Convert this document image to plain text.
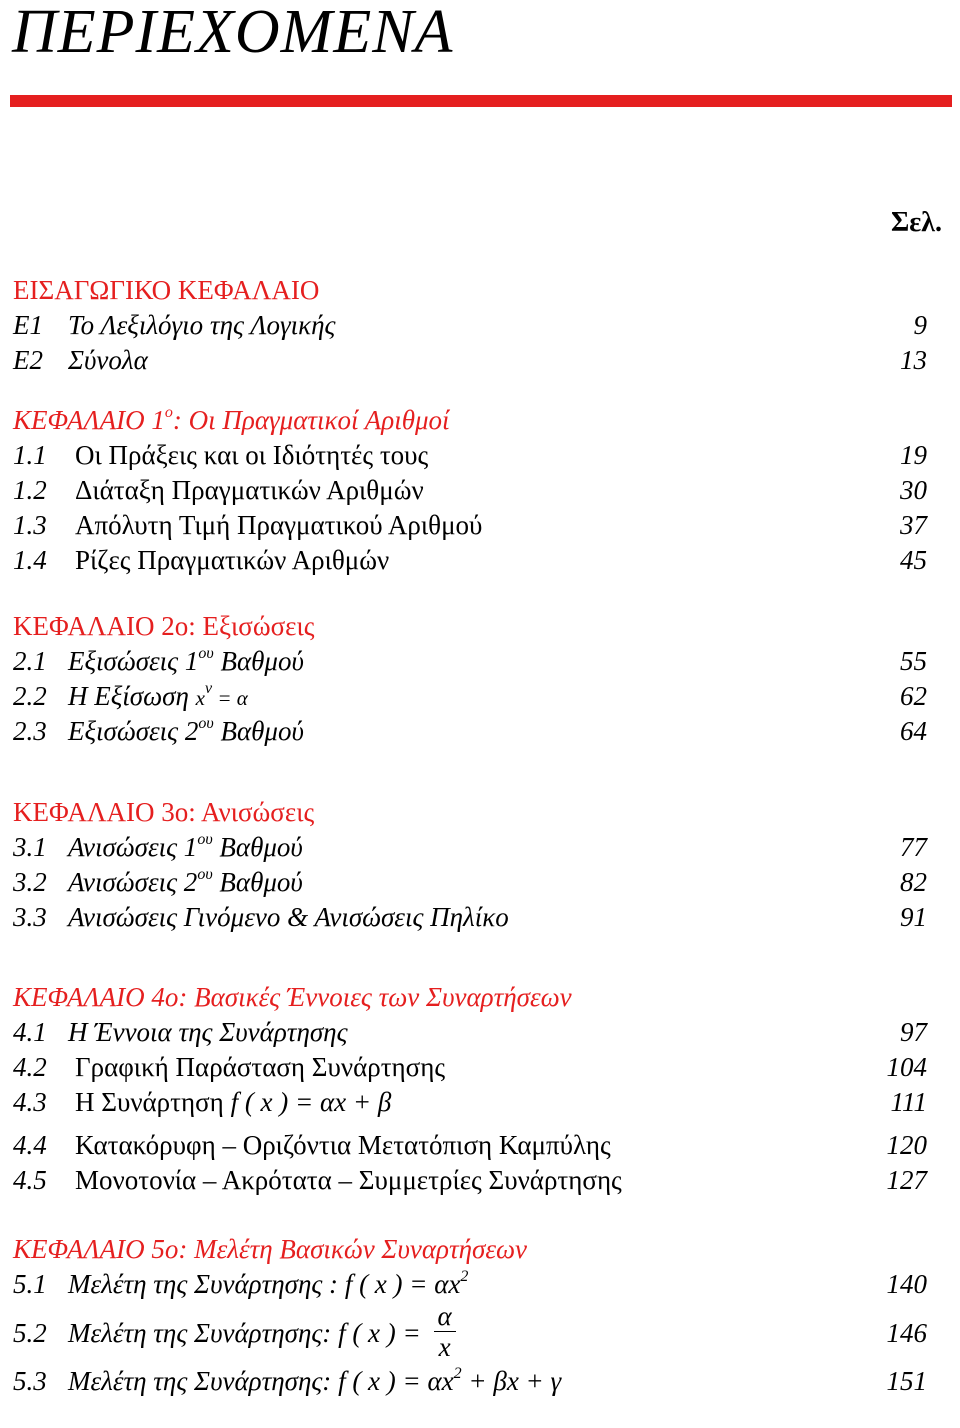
ΠΕΡΙΕΧΟΜΕΝΑ
Σελ.
ΕΙΣΑΓΩΓΙΚΟ ΚΕΦΑΛΑΙΟ
Ε1 Το Λεξιλόγιο της Λογικής	9
Ε2 Σύνολα	13
ΚΕΦΑΛΑΙΟ $1^o$: Οι Πραγματικοί Αριθμοί
1.1 Οι Πράξεις και οι Ιδιότητές τους	19
1.2 Διάταξη Πραγματικών Αριθμών	30
1.3 Απόλυτη Τιμή Πραγματικού Αριθμού	37
1.4 Ρίζες Πραγματικών Αριθμών	45
ΚΕΦΑΛΑΙΟ 2ο: Εξισώσεις
2.1 Εξισώσεις $1^{o\upsilon}$ Βαθμού	55
2.2 Η Εξίσωση $x^\nu = \alpha$	62
2.3 Εξισώσεις $2^{o\upsilon}$ Βαθμού	64
ΚΕΦΑΛΑΙΟ 3ο: Ανισώσεις
3.1 Ανισώσεις $1^{o\upsilon}$ Βαθμού	77
3.2 Ανισώσεις $2^{o\upsilon}$ Βαθμού	82
3.3 Ανισώσεις Γινόμενο & Ανισώσεις Πηλίκο	91
ΚΕΦΑΛΑΙΟ 4ο: Βασικές Έννοιες των Συναρτήσεων
4.1 Η Έννοια της Συνάρτησης	97
4.2 Γραφική Παράσταση Συνάρτησης	104
4.3 Η Συνάρτηση f ( x ) = αx + β	111
4.4 Κατακόρυφη – Οριζόντια Μετατόπιση Καμπύλης	120
4.5 Μονοτονία – Ακρότατα – Συμμετρίες Συνάρτησης	127
ΚΕΦΑΛΑΙΟ 5ο: Μελέτη Βασικών Συναρτήσεων
5.1 Μελέτη της Συνάρτησης : f ( x ) = $\alpha x^2$	140
5.2 Μελέτη της Συνάρτησης: f ( x ) = $\frac{\alpha}{x}$	146
5.3 Μελέτη της Συνάρτησης: f ( x ) = $\alpha x^2 + \beta x + \gamma$	151
